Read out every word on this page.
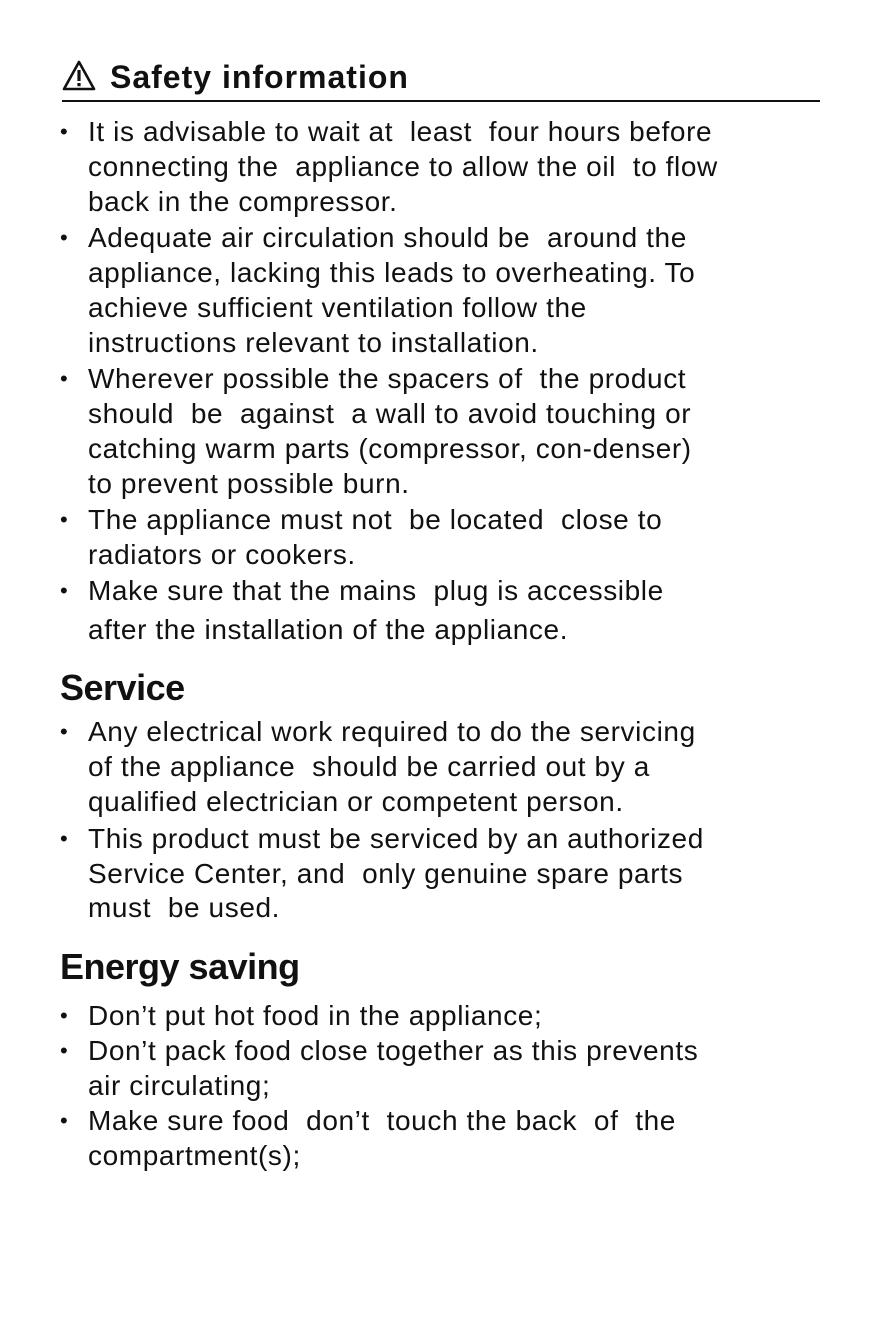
Safety information
• It is advisable to wait at  least  four hours before
connecting the  appliance to allow the oil  to flow
back in the compressor.
• Adequate air circulation should be  around the
appliance, lacking this leads to overheating. To
achieve sufficient ventilation follow the
instructions relevant to installation.
• Wherever possible the spacers of  the product
should  be  against  a wall to avoid touching or
catching warm parts (compressor, con-denser)
to prevent possible burn.
• The appliance must not  be located  close to
radiators or cookers.
• Make sure that the mains  plug is accessible
after the installation of the appliance.
Service
• Any electrical work required to do the servicing
of the appliance  should be carried out by a
qualified electrician or competent person.
• This product must be serviced by an authorized
Service Center, and  only genuine spare parts
must  be used.
Energy saving
• Don’t put hot food in the appliance;
• Don’t pack food close together as this prevents
air circulating;
• Make sure food  don’t  touch the back  of  the
compartment(s);
